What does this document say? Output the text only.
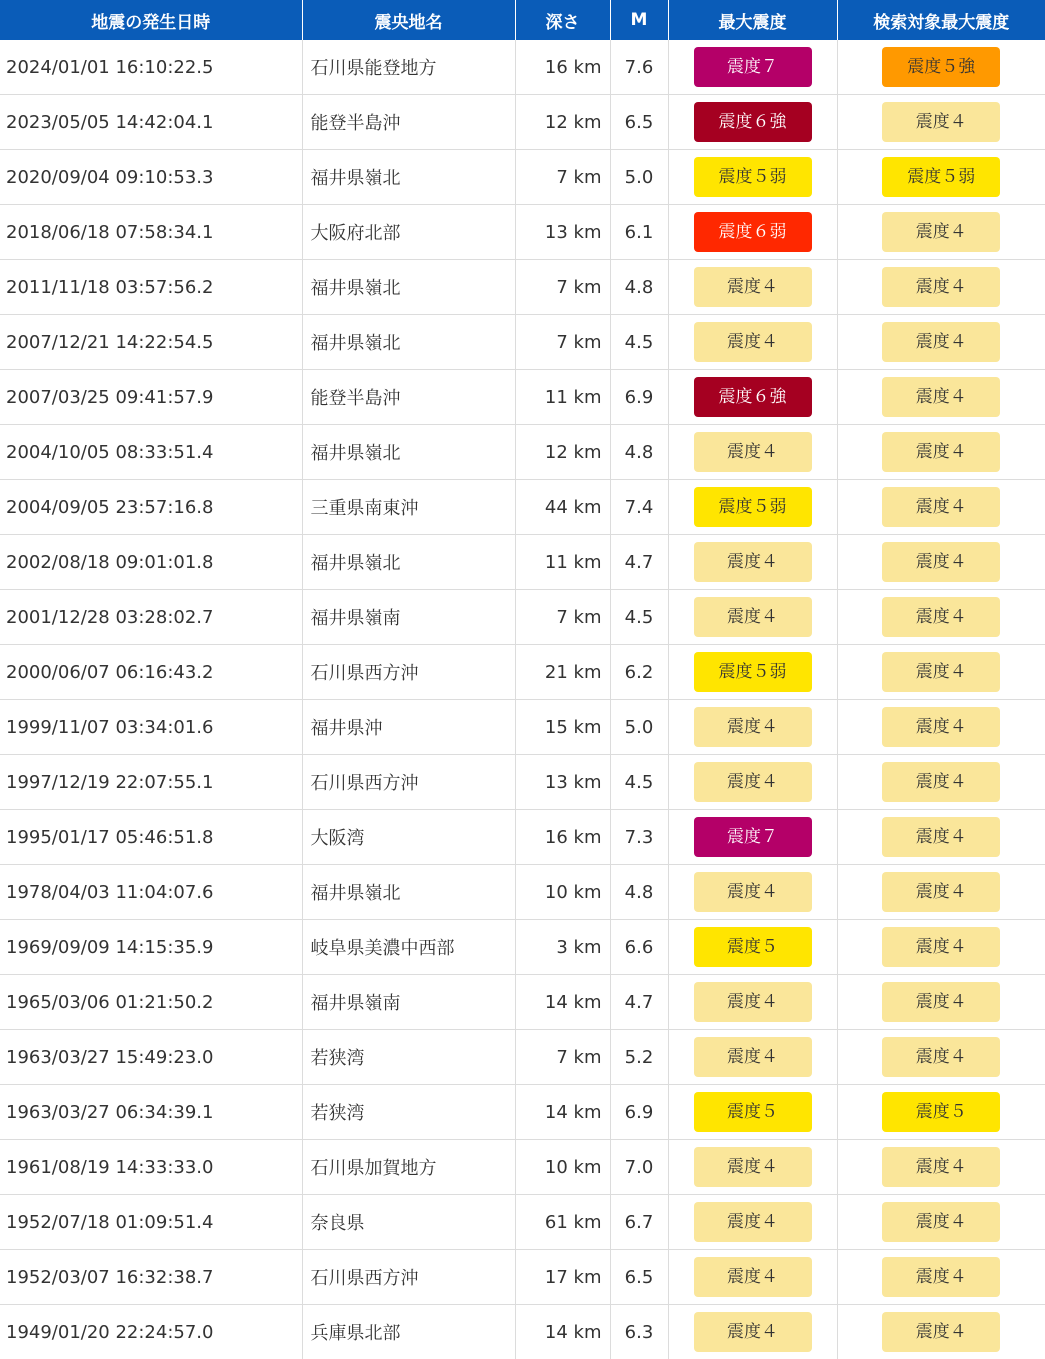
地震の発生日時	震央地名	深さ	M	最大震度	検索対象最大震度
2024/01/01 16:10:22.5	石川県能登地方	16 km	7.6	震度７	震度５強
2023/05/05 14:42:04.1	能登半島沖	12 km	6.5	震度６強	震度４
2020/09/04 09:10:53.3	福井県嶺北	7 km	5.0	震度５弱	震度５弱
2018/06/18 07:58:34.1	大阪府北部	13 km	6.1	震度６弱	震度４
2011/11/18 03:57:56.2	福井県嶺北	7 km	4.8	震度４	震度４
2007/12/21 14:22:54.5	福井県嶺北	7 km	4.5	震度４	震度４
2007/03/25 09:41:57.9	能登半島沖	11 km	6.9	震度６強	震度４
2004/10/05 08:33:51.4	福井県嶺北	12 km	4.8	震度４	震度４
2004/09/05 23:57:16.8	三重県南東沖	44 km	7.4	震度５弱	震度４
2002/08/18 09:01:01.8	福井県嶺北	11 km	4.7	震度４	震度４
2001/12/28 03:28:02.7	福井県嶺南	7 km	4.5	震度４	震度４
2000/06/07 06:16:43.2	石川県西方沖	21 km	6.2	震度５弱	震度４
1999/11/07 03:34:01.6	福井県沖	15 km	5.0	震度４	震度４
1997/12/19 22:07:55.1	石川県西方沖	13 km	4.5	震度４	震度４
1995/01/17 05:46:51.8	大阪湾	16 km	7.3	震度７	震度４
1978/04/03 11:04:07.6	福井県嶺北	10 km	4.8	震度４	震度４
1969/09/09 14:15:35.9	岐阜県美濃中西部	3 km	6.6	震度５	震度４
1965/03/06 01:21:50.2	福井県嶺南	14 km	4.7	震度４	震度４
1963/03/27 15:49:23.0	若狭湾	7 km	5.2	震度４	震度４
1963/03/27 06:34:39.1	若狭湾	14 km	6.9	震度５	震度５
1961/08/19 14:33:33.0	石川県加賀地方	10 km	7.0	震度４	震度４
1952/07/18 01:09:51.4	奈良県	61 km	6.7	震度４	震度４
1952/03/07 16:32:38.7	石川県西方沖	17 km	6.5	震度４	震度４
1949/01/20 22:24:57.0	兵庫県北部	14 km	6.3	震度４	震度４
